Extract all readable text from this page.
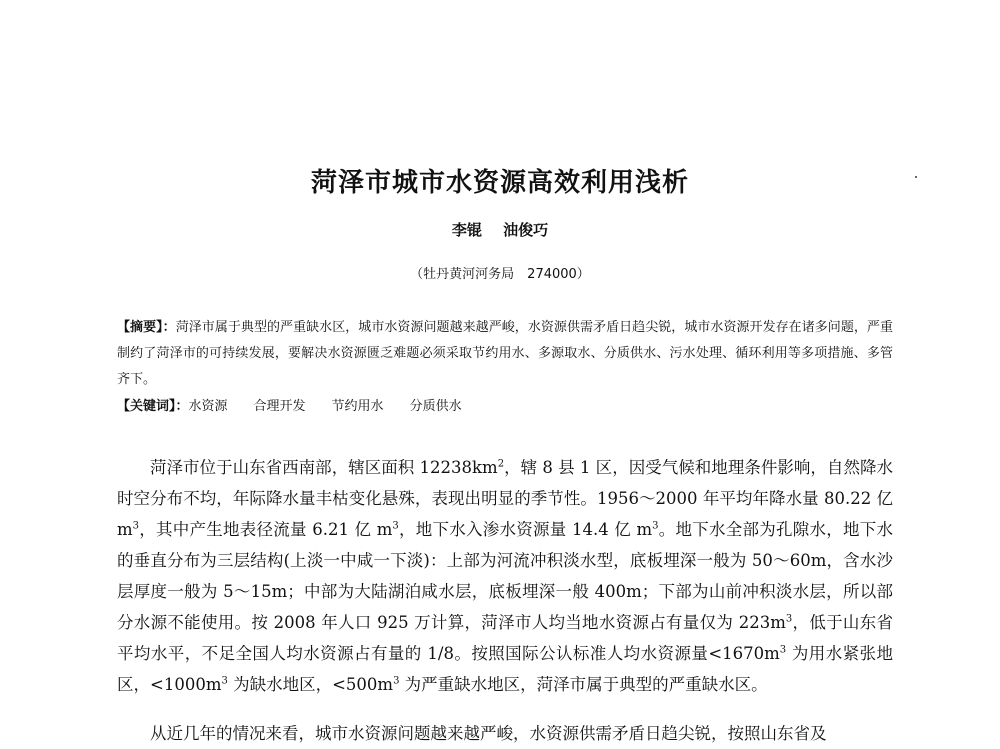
菏泽市城市水资源高效利用浅析
李锟 油俊巧
（牡丹黄河河务局　274000）
【摘要】：菏泽市属于典型的严重缺水区，城市水资源问题越来越严峻，水资源供需矛盾日趋尖锐，城市水资源开发存在诸多问题，严重制约了菏泽市的可持续发展，要解决水资源匮乏难题必须采取节约用水、多源取水、分质供水、污水处理、循环利用等多项措施、多管齐下。
【关键词】：水资源 合理开发 节约用水 分质供水
菏泽市位于山东省西南部，辖区面积 $12238km^2$，辖 8 县 1 区，因受气候和地理条件影响，自然降水时空分布不均，年际降水量丰枯变化悬殊，表现出明显的季节性。1956～2000 年平均年降水量 80.22 亿 $m^3$，其中产生地表径流量 6.21 亿 $m^3$，地下水入渗水资源量 14.4 亿 $m^3$。地下水全部为孔隙水，地下水的垂直分布为三层结构(上淡一中咸一下淡)：上部为河流冲积淡水型，底板埋深一般为 50～60m，含水沙层厚度一般为 5～15m；中部为大陆湖泊咸水层，底板埋深一般 400m；下部为山前冲积淡水层，所以部分水源不能使用。按 2008 年人口 925 万计算，菏泽市人均当地水资源占有量仅为 $223m^3$，低于山东省平均水平，不足全国人均水资源占有量的 1/8。按照国际公认标准人均水资源量$<1670m^3$ 为用水紧张地区，$<1000m^3$ 为缺水地区，$<500m^3$ 为严重缺水地区，菏泽市属于典型的严重缺水区。
从近几年的情况来看，城市水资源问题越来越严峻，水资源供需矛盾日趋尖锐，按照山东省及
